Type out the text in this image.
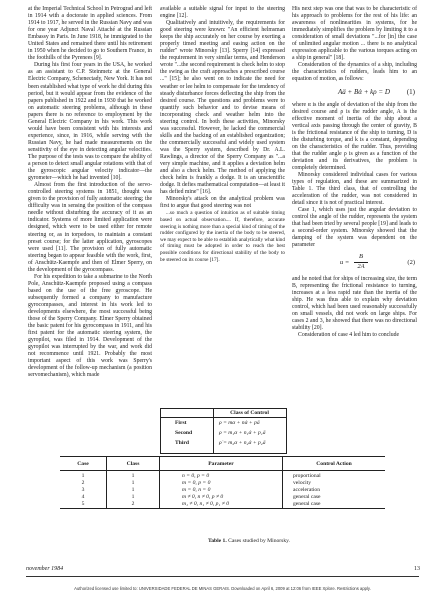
at the Imperial Technical School in Petrograd and left in 1914 with a doctorate in applied sciences. From 1914 to 1917, he served in the Russian Navy and was for one year Adjunct Naval Attaché at the Russian Embassy in Paris. In June 1918, he immigrated to the United States and remained there until his retirement in 1950 when he decided to go to Southern France, in the foothills of the Pyrenees [9].

During his first four years in the USA, he worked as an assistant to C.P. Steinmetz at the General Electric Company, Schenectady, New York. It has not been established what type of work he did during this period, but it would appear from the evidence of the papers published in 1922 and in 1930 that he worked on automatic steering problems, although in these papers there is no reference to employment by the General Electric Company in his work. This work would have been consistent with his interests and experience, since, in 1916, while serving with the Russian Navy, he had made measurements on the sensitivity of the eye in detecting angular velocities. The purpose of the tests was to compare the ability of a person to detect small angular rotations with that of the gyroscopic angular velocity indicator—the gyrometer—which he had invented [10].

Almost from the first introduction of the servo-controlled steering systems in 1851, thought was given to the provision of fully automatic steering; the difficulty was in sensing the position of the compass needle without disturbing the accuracy of it as an indicator. Systems of more limited application were designed, which were to be used either for remote steering or, as in torpedoes, to maintain a constant preset course; for the latter application, gyroscopes were used [11]. The provision of fully automatic steering began to appear feasible with the work, first, of Anschütz-Kaempfe and then of Elmer Sperry, on the development of the gyrocompass.

For his expedition to take a submarine to the North Pole, Anschütz-Kaempfe proposed using a compass based on the use of the free gyroscope. He subsequently formed a company to manufacture gyrocompasses, and interest in his work led to developments elsewhere, the most successful being those of the Sperry Company. Elmer Sperry obtained the basic patent for his gyrocompass in 1911, and his first patent for the automatic steering system, the gyropilot, was filed in 1914. Development of the gyropilot was interrupted by the war, and work did not recommence until 1921. Probably the most important aspect of this work was Sperry's development of the follow-up mechanism (a position servomechanism), which made

available a suitable signal for input to the steering engine [12].

Qualitatively and intuitively, the requirements for good steering were known: "An efficient helmsman keeps the ship accurately on her course by exerting a properly timed meeting and easing action on the rudder" wrote Minorsky [13]. Sperry [14] expressed the requirement in very similar terms, and Henderson wrote "...the second requirement is check helm to stop the swing as the craft approaches a prescribed course ..." [15]; he also went on to indicate the need for weather or lee helm to compensate for the tendency of steady disturbance forces deflecting the ship from the desired course. The questions and problems were to quantify such behavior and to devise means of incorporating check and weather helm into the steering control. In both these activities, Minorsky was successful. However, he lacked the commercial skills and the backing of an established organization; the commercially successful and widely used system was the Sperry system, described by Dr. A.L. Rawlings, a director of the Sperry Company as "...a very simple machine, and it applies a deviation helm and also a check helm. The method of applying the check helm is frankly a dodge. It is an unscientific dodge. It defies mathematical computation—at least it has defied mine" [16].

Minorsky's attack on the analytical problem was first to argue that good steering was not

...so much a question of intuition as of suitable timing based on actual observation.... If, therefore, accurate steering is nothing more than a special kind of timing of the rudder configured by the inertia of the body to be steered, we may expect to be able to establish analytically what kind of timing must be adopted in order to reach the best possible conditions for directional stability of the body to be steered on its course [17].

Class of Control
First	ρ = mα + nά + pä
Second	ρ = m₁α + n₁ά + p₁ä
Third	ρ̇ = m₂α + n₂ά + p₂ä

His next step was one that was to be characteristic of his approach to problems for the rest of his life: an awareness of nonlinearities in systems, for he immediately simplifies the problem by limiting it to a consideration of small deviations "...for [in] the case of unlimited angular motion ... there is no analytical expression applicable to the various torques acting on a ship in general" [18].

Consideration of the dynamics of a ship, including the characteristics of rudders, leads him to an equation of motion, as follows:

Aä + Bά + kρ = D (1)

where α is the angle of deviation of the ship from the desired course and ρ is the rudder angle, A is the effective moment of inertia of the ship about a vertical axis passing through the center of gravity, B is the frictional resistance of the ship to turning, D is the disturbing torque, and k is a constant, depending on the characteristics of the rudder. Thus, providing that the rudder angle ρ is given as a function of the deviation and its derivatives, the problem is completely determined.

Minorsky considered individual cases for various types of regulation, and these are summarized in Table 1. The third class, that of controlling the acceleration of the rudder, was not considered in detail since it is not of practical interest.

Case 1, which uses just the angular deviation to control the angle of the rudder, represents the system that had been tried by several people [19] and leads to a second-order system. Minorsky showed that the damping of the system was dependent on the parameter

u =
B
2A
(2)

and he noted that for ships of increasing size, the term B, representing the frictional resistance to turning, increases at a less rapid rate than the inertia of the ship. He was thus able to explain why deviation control, which had been used reasonably successfully on small vessels, did not work on large ships. For cases 2 and 3, he showed that there was no directional stability [20].

Consideration of case 4 led him to conclude

Case	Class	Parameter	Control Action
1	1	n = 0, p = 0	proportional
2	1	m = 0, p = 0	velocity
3	1	m = 0, n = 0	acceleration
4	1	m ≠ 0, n ≠ 0, p ≠ 0	general case
5	2	m₁ ≠ 0, n₁ ≠ 0, p₁ ≠ 0	general case
Table 1. Cases studied by Minorsky.
november 1984	13
Authorized licensed use limited to: UNIVERSIDADE FEDERAL DE MINAS GERAIS. Downloaded on April 6, 2009 at 12:06 from IEEE Xplore. Restrictions apply.
